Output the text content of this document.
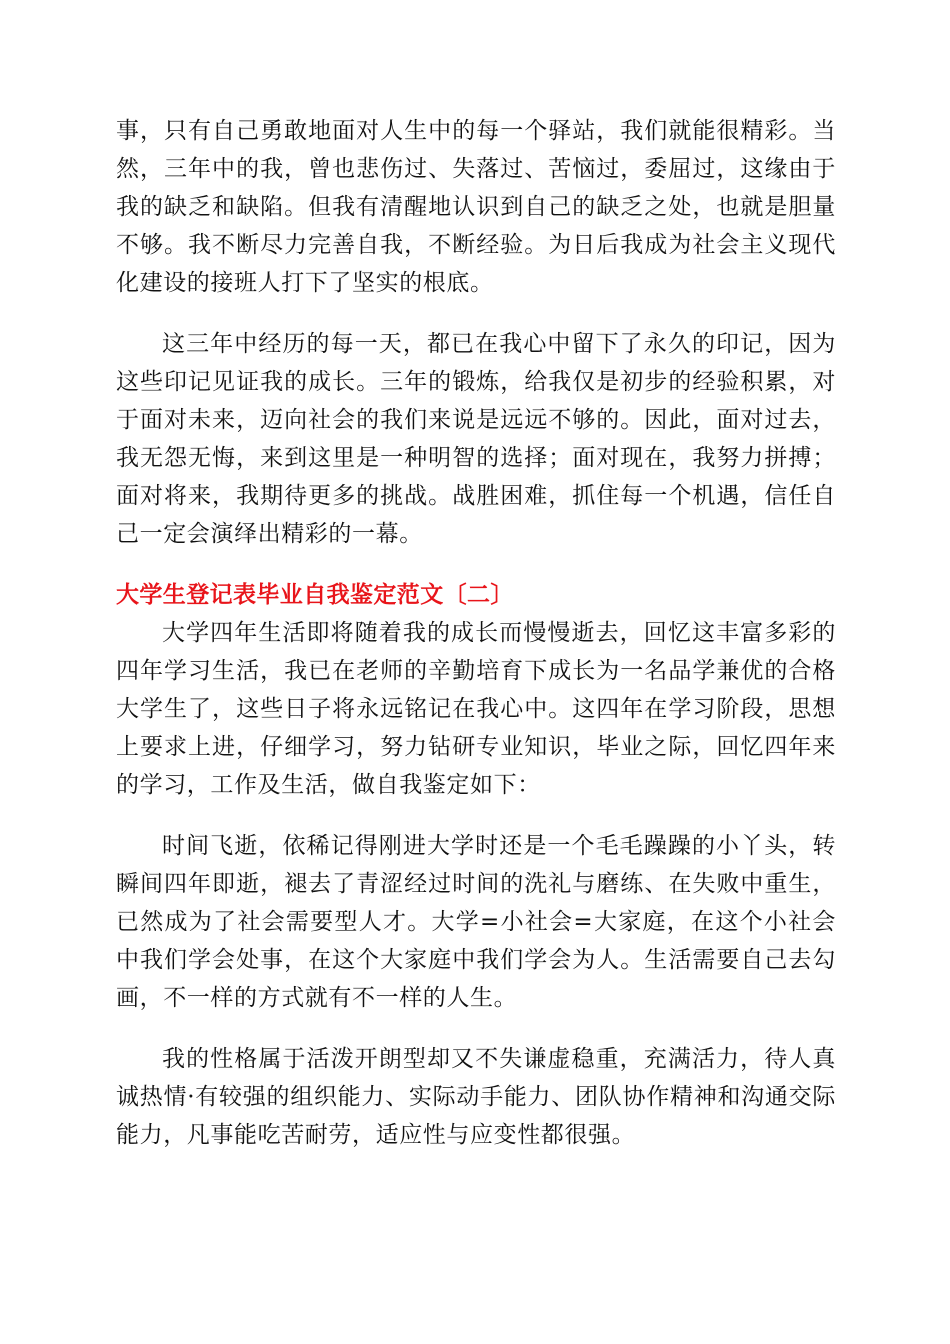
事，只有自己勇敢地面对人生中的每一个驿站，我们就能很精彩。当然，三年中的我，曾也悲伤过、失落过、苦恼过，委屈过，这缘由于我的缺乏和缺陷。但我有清醒地认识到自己的缺乏之处，也就是胆量不够。我不断尽力完善自我，不断经验。为日后我成为社会主义现代化建设的接班人打下了坚实的根底。

这三年中经历的每一天，都已在我心中留下了永久的印记，因为这些印记见证我的成长。三年的锻炼，给我仅是初步的经验积累，对于面对未来，迈向社会的我们来说是远远不够的。因此，面对过去，我无怨无悔，来到这里是一种明智的选择；面对现在，我努力拼搏；面对将来，我期待更多的挑战。战胜困难，抓住每一个机遇，信任自己一定会演绎出精彩的一幕。

大学生登记表毕业自我鉴定范文〔二〕

大学四年生活即将随着我的成长而慢慢逝去，回忆这丰富多彩的四年学习生活，我已在老师的辛勤培育下成长为一名品学兼优的合格大学生了，这些日子将永远铭记在我心中。这四年在学习阶段，思想上要求上进，仔细学习，努力钻研专业知识，毕业之际，回忆四年来的学习，工作及生活，做自我鉴定如下：

时间飞逝，依稀记得刚进大学时还是一个毛毛躁躁的小丫头，转瞬间四年即逝，褪去了青涩经过时间的洗礼与磨练、在失败中重生，已然成为了社会需要型人才。大学=小社会=大家庭，在这个小社会中我们学会处事，在这个大家庭中我们学会为人。生活需要自己去勾画，不一样的方式就有不一样的人生。

我的性格属于活泼开朗型却又不失谦虚稳重，充满活力，待人真诚热情·有较强的组织能力、实际动手能力、团队协作精神和沟通交际能力，凡事能吃苦耐劳，适应性与应变性都很强。
